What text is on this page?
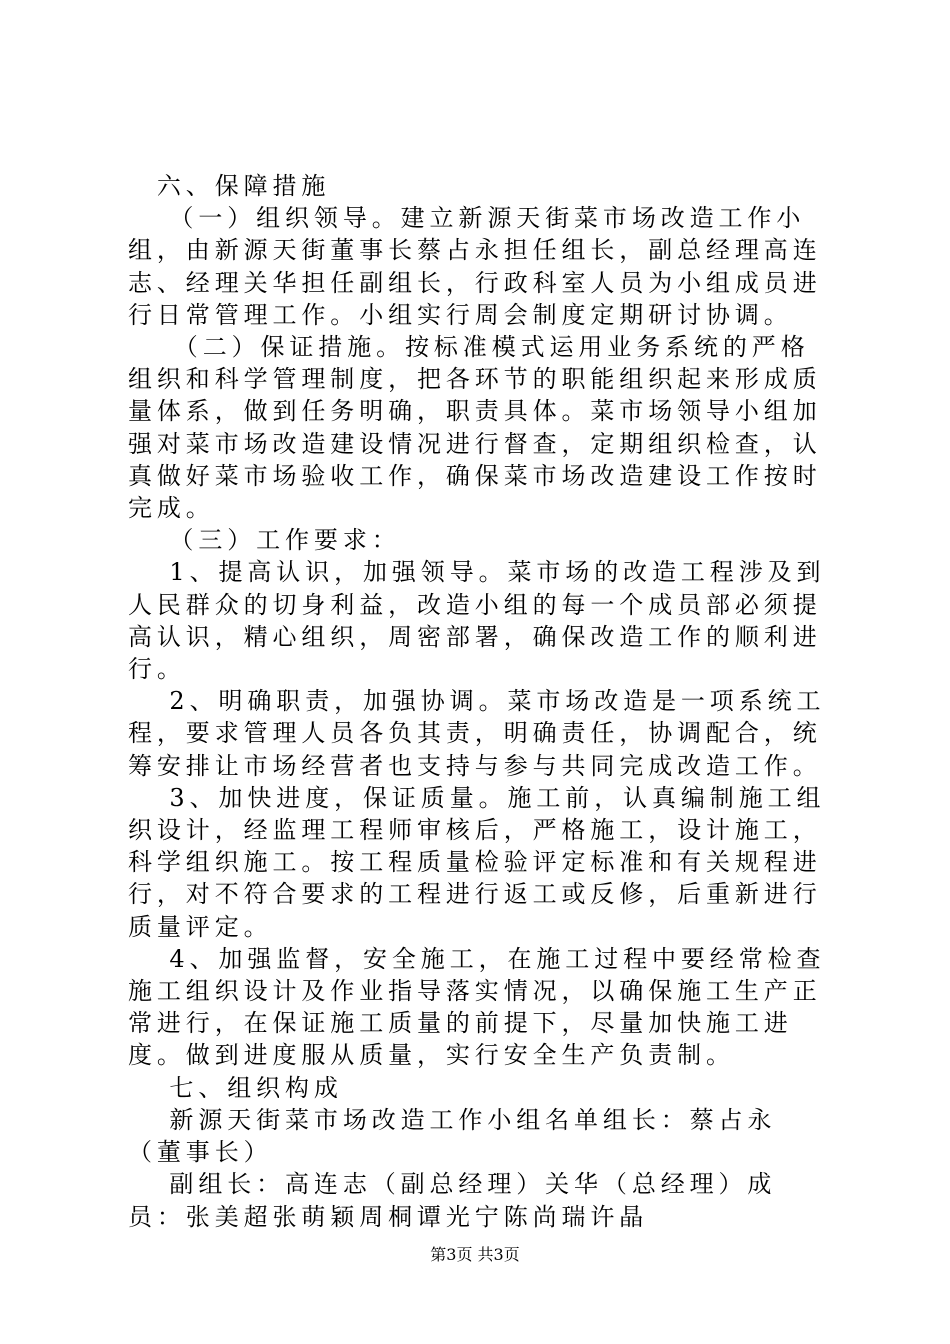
　六、保障措施

　 （一）组织领导。建立新源天街菜市场改造工作小组，由新源天街董事长蔡占永担任组长，副总经理高连志、经理关华担任副组长，行政科室人员为小组成员进行日常管理工作。小组实行周会制度定期研讨协调。

　　（二）保证措施。按标准模式运用业务系统的严格组织和科学管理制度，把各环节的职能组织起来形成质量体系，做到任务明确，职责具体。菜市场领导小组加强对菜市场改造建设情况进行督查，定期组织检查，认真做好菜市场验收工作，确保菜市场改造建设工作按时完成。

　 （三）工作要求：

　 1、提高认识，加强领导。菜市场的改造工程涉及到人民群众的切身利益，改造小组的每一个成员部必须提高认识，精心组织，周密部署，确保改造工作的顺利进行。

　 2、明确职责，加强协调。菜市场改造是一项系统工程，要求管理人员各负其责，明确责任，协调配合，统筹安排让市场经营者也支持与参与共同完成改造工作。

　 3、加快进度，保证质量。施工前，认真编制施工组织设计，经监理工程师审核后，严格施工，设计施工，科学组织施工。按工程质量检验评定标准和有关规程进行，对不符合要求的工程进行返工或反修，后重新进行质量评定。

　 4、加强监督，安全施工，在施工过程中要经常检查施工组织设计及作业指导落实情况，以确保施工生产正常进行，在保证施工质量的前提下，尽量加快施工进度。做到进度服从质量，实行安全生产负责制。

　 七、组织构成

　 新源天街菜市场改造工作小组名单组长：蔡占永（董事长）

　 副组长：高连志（副总经理）关华（总经理）成员：张美超张萌颖周桐谭光宁陈尚瑞许晶

第3页 共3页
